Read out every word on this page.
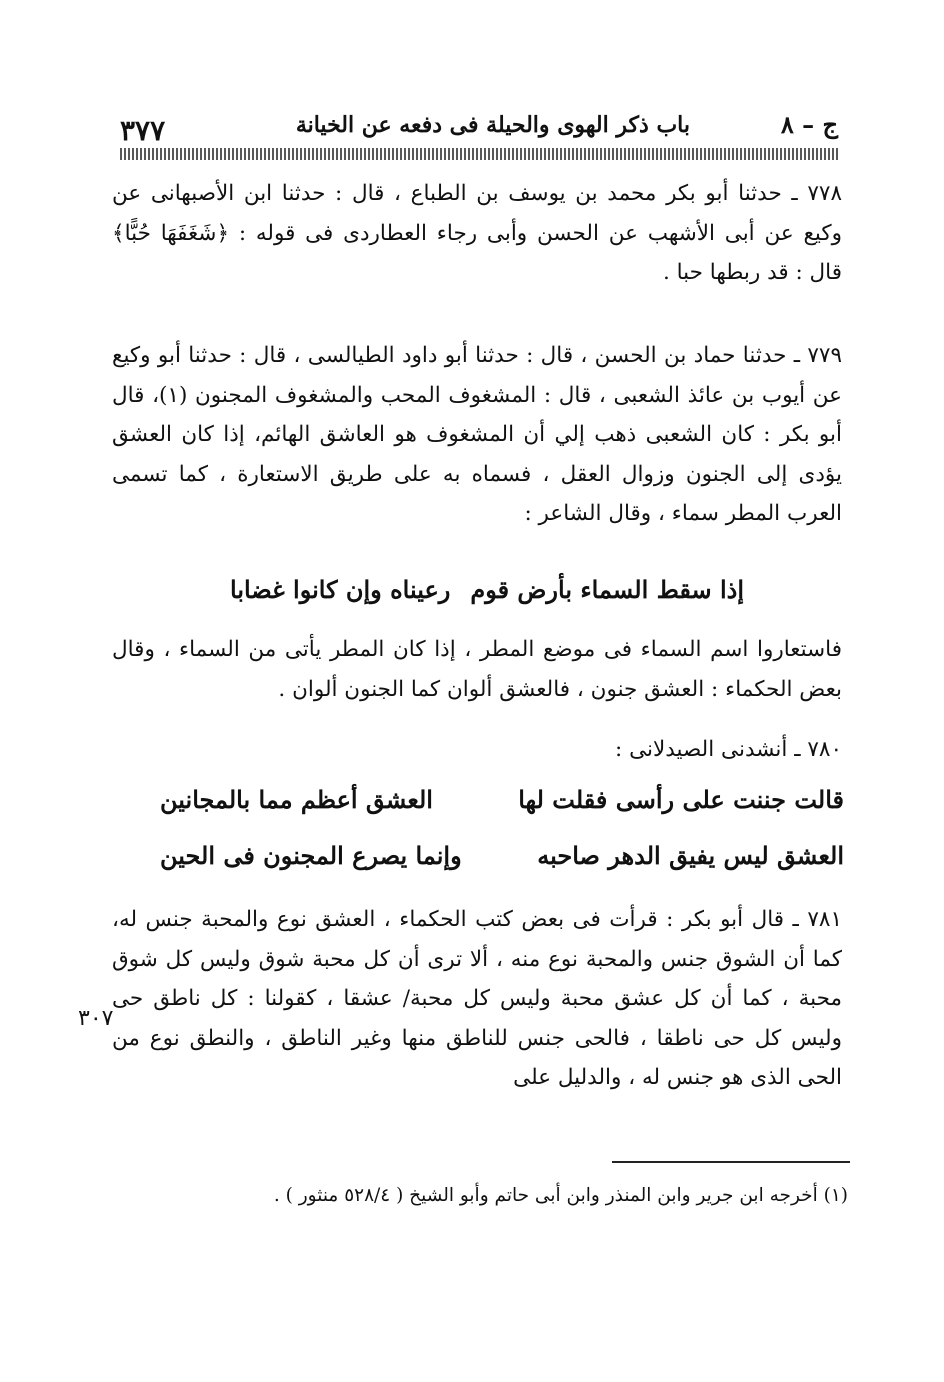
ج – ٨
باب ذكر الهوى والحيلة فى دفعه عن الخيانة
٣٧٧

٧٧٨ ـ حدثنا أبو بكر محمد بن يوسف بن الطباع ، قال : حدثنا ابن الأصبهانى عن وكيع عن أبى الأشهب عن الحسن وأبى رجاء العطاردى فى قوله : ﴿شَغَفَهَا حُبًّا﴾ قال : قد ربطها حبا .

٧٧٩ ـ حدثنا حماد بن الحسن ، قال : حدثنا أبو داود الطيالسى ، قال : حدثنا أبو وكيع عن أيوب بن عائذ الشعبى ، قال : المشغوف المحب والمشغوف المجنون (١)، قال أبو بكر : كان الشعبى ذهب إلي أن المشغوف هو العاشق الهائم، إذا كان العشق يؤدى إلى الجنون وزوال العقل ، فسماه به على طريق الاستعارة ، كما تسمى العرب المطر سماء ، وقال الشاعر :

إذا سقط السماء بأرض قوم
رعيناه وإن كانوا غضابا

فاستعاروا اسم السماء فى موضع المطر ، إذا كان المطر يأتى من السماء ، وقال بعض الحكماء : العشق جنون ، فالعشق ألوان كما الجنون ألوان .

٧٨٠ ـ أنشدنى الصيدلانى :

قالت جننت على رأسى فقلت لها
العشق أعظم مما بالمجانين
العشق ليس يفيق الدهر صاحبه
وإنما يصرع المجنون فى الحين

٧٨١ ـ قال أبو بكر : قرأت فى بعض كتب الحكماء ، العشق نوع والمحبة جنس له، كما أن الشوق جنس والمحبة نوع منه ، ألا ترى أن كل محبة شوق وليس كل شوق محبة ، كما أن كل عشق محبة وليس كل محبة/ عشقا ، كقولنا : كل ناطق حى وليس كل حى ناطقا ، فالحى جنس للناطق منها وغير الناطق ، والنطق نوع من الحى الذى هو جنس له ، والدليل على

٣٠٧
(١) أخرجه ابن جرير وابن المنذر وابن أبى حاتم وأبو الشيخ ( ٥٢٨/٤ منثور ) .
